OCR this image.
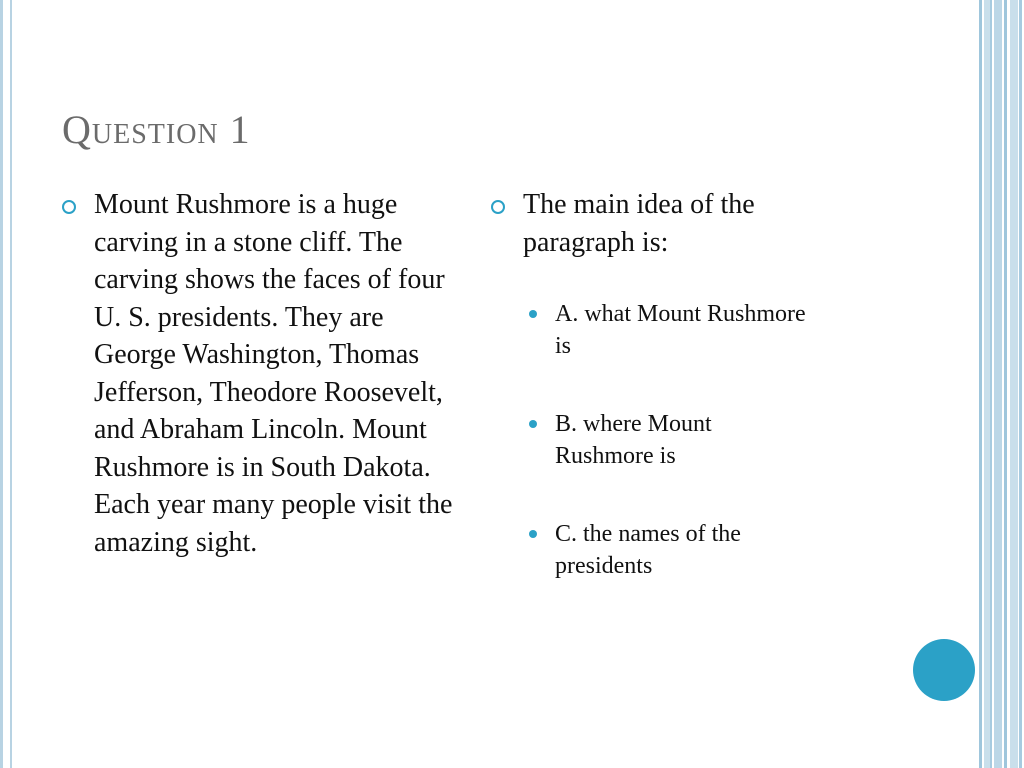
Question 1
Mount Rushmore is a huge carving in a stone cliff. The carving shows the faces of four U. S. presidents. They are George Washington, Thomas Jefferson, Theodore Roosevelt, and Abraham Lincoln. Mount Rushmore is in South Dakota. Each year many people visit the amazing sight.
The main idea of the paragraph is:
A. what Mount Rushmore is
B. where Mount Rushmore is
C. the names of the presidents
